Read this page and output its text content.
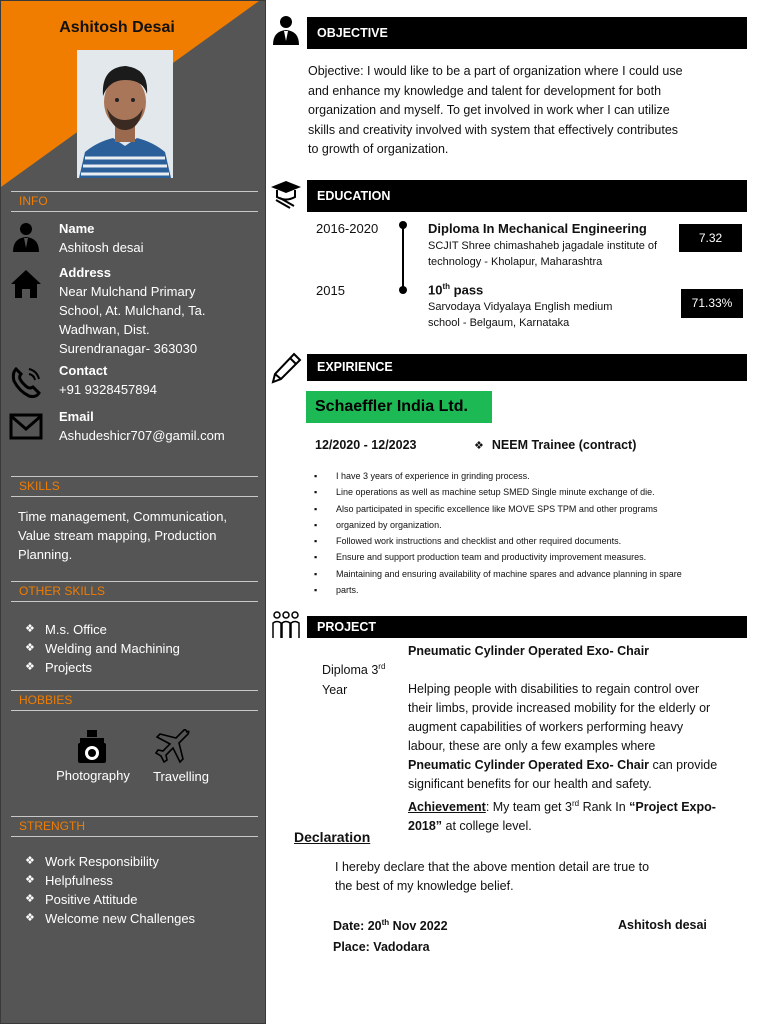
Ashitosh Desai
INFO
Name
Ashitosh desai
Address
Near Mulchand Primary
School, At. Mulchand, Ta.
Wadhwan, Dist.
Surendranagar- 363030
Contact
+91 9328457894
Email
Ashudeshicr707@gamil.com
SKILLS
Time management, Communication,
Value stream mapping, Production
Planning.
OTHER SKILLS
❖ M.s. Office
❖ Welding and Machining
❖ Projects
HOBBIES
Photography	Travelling
STRENGTH
❖ Work Responsibility
❖ Helpfulness
❖ Positive Attitude
❖ Welcome new Challenges
OBJECTIVE
Objective: I would like to be a part of organization where I could use
and enhance my knowledge and talent for development for both
organization and myself. To get involved in work wher I can utilize
skills and creativity involved with system that effectively contributes
to growth of organization.
EDUCATION
2016-2020	Diploma In Mechanical Engineering
SCJIT Shree chimashaheb jagadale institute of
technology - Kholapur, Maharashtra
7.32
2015	10th pass
Sarvodaya Vidyalaya English medium
school - Belgaum, Karnataka
71.33%
EXPIRIENCE
Schaeffler India Ltd.
12/2020 - 12/2023	❖ NEEM Trainee (contract)
▪ I have 3 years of experience in grinding process.
▪ Line operations as well as machine setup SMED Single minute exchange of die.
▪ Also participated in specific excellence like MOVE SPS TPM and other programs
▪ organized by organization.
▪ Followed work instructions and checklist and other required documents.
▪ Ensure and support production team and productivity improvement measures.
▪ Maintaining and ensuring availability of machine spares and advance planning in spare
▪ parts.
PROJECT
Diploma 3rd
Year
Pneumatic Cylinder Operated Exo- Chair
Helping people with disabilities to regain control over
their limbs, provide increased mobility for the elderly or
augment capabilities of workers performing heavy
labour, these are only a few examples where
Pneumatic Cylinder Operated Exo- Chair can provide
significant benefits for our health and safety.
Achievement: My team get 3rd Rank In “Project Expo-
2018” at college level.
Declaration
I hereby declare that the above mention detail are true to
the best of my knowledge belief.
Date: 20th Nov 2022
Place: Vadodara
Ashitosh desai
